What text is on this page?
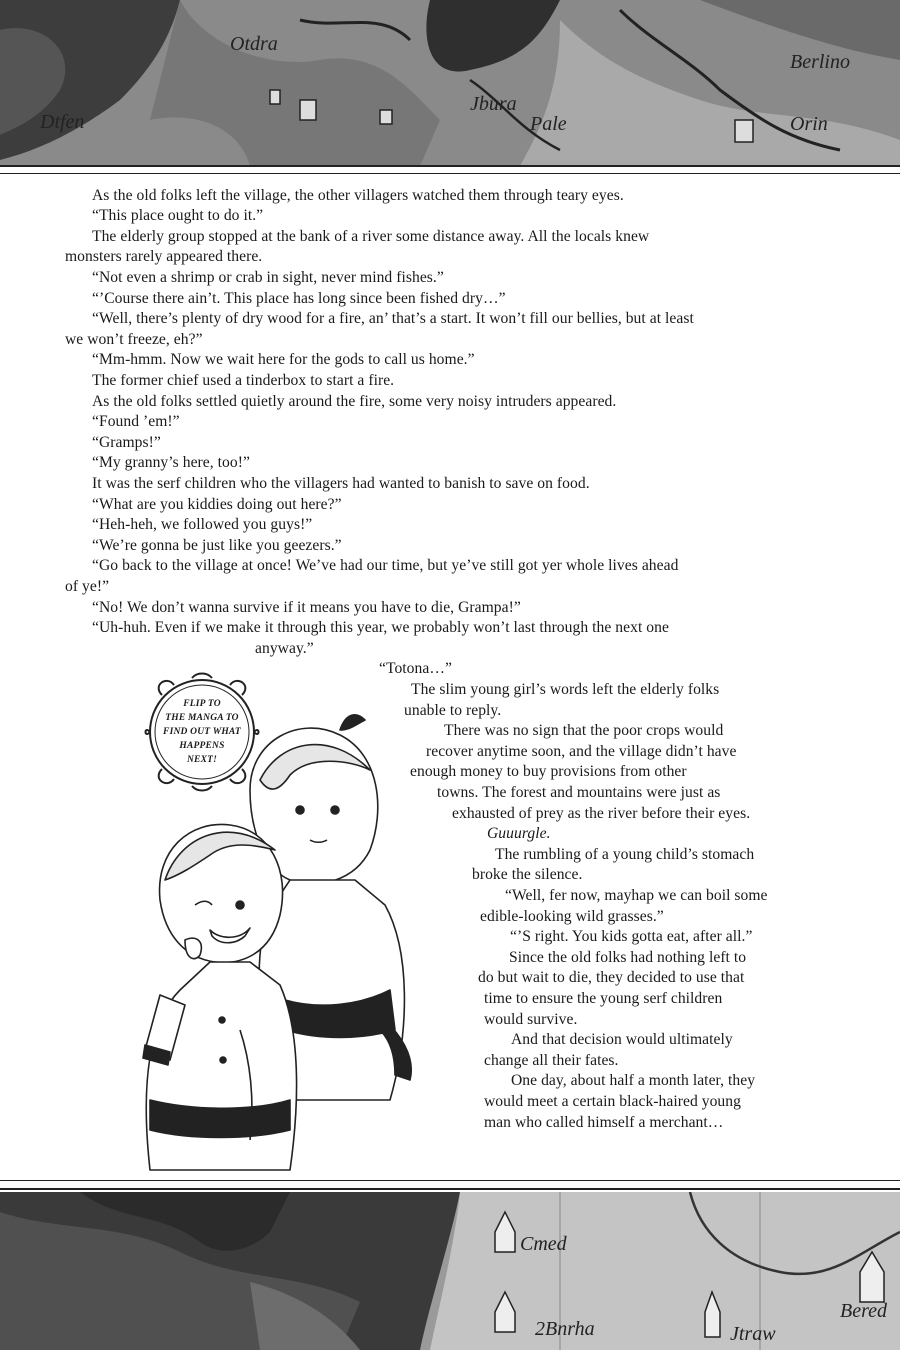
Dtfen
Berlino
Otdra
Jbura
Pale	Orin
As the old folks left the village, the other villagers watched them through teary eyes.
“This place ought to do it.”
The elderly group stopped at the bank of a river some distance away. All the locals knew
monsters rarely appeared there.
“Not even a shrimp or crab in sight, never mind fishes.”
“’Course there ain’t. This place has long since been fished dry…”
“Well, there’s plenty of dry wood for a fire, an’ that’s a start. It won’t fill our bellies, but at least
we won’t freeze, eh?”
“Mm-hmm. Now we wait here for the gods to call us home.”
The former chief used a tinderbox to start a fire.
As the old folks settled quietly around the fire, some very noisy intruders appeared.
“Found ’em!”
“Gramps!”
“My granny’s here, too!”
It was the serf children who the villagers had wanted to banish to save on food.
“What are you kiddies doing out here?”
“Heh-heh, we followed you guys!”
“We’re gonna be just like you geezers.”
“Go back to the village at once! We’ve had our time, but ye’ve still got yer whole lives ahead
of ye!”
“No! We don’t wanna survive if it means you have to die, Grampa!”
“Uh-huh. Even if we make it through this year, we probably won’t last through the next one
anyway.”
“Totona…”
The slim young girl’s words left the elderly folks
unable to reply.
There was no sign that the poor crops would
recover anytime soon, and the village didn’t have
enough money to buy provisions from other
towns. The forest and mountains were just as
exhausted of prey as the river before their eyes.
Guuurgle.
The rumbling of a young child’s stomach
broke the silence.
“Well, fer now, mayhap we can boil some
edible-looking wild grasses.”
“’S right. You kids gotta eat, after all.”
Since the old folks had nothing left to
do but wait to die, they decided to use that
time to ensure the young serf children
would survive.
And that decision would ultimately
change all their fates.
One day, about half a month later, they
would meet a certain black-haired young
man who called himself a merchant…
FLIP TO
THE MANGA TO
FIND OUT WHAT
HAPPENS
NEXT!
Cmed
2Bnrha	Jtraw
Bered
